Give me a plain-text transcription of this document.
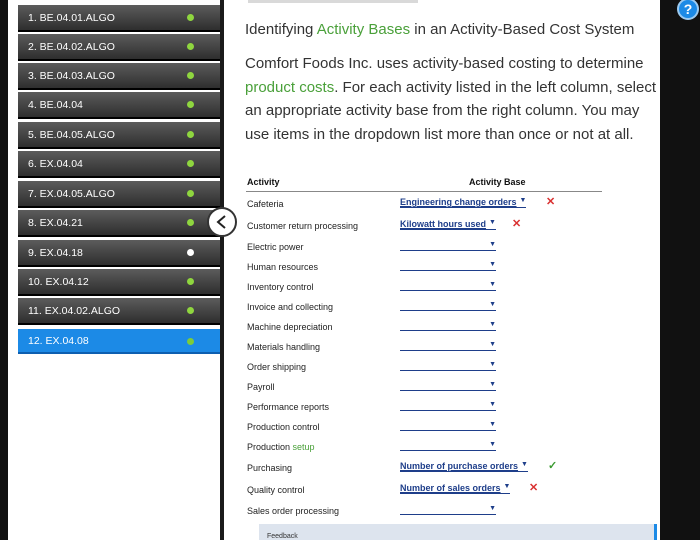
1. BE.04.01.ALGO
2. BE.04.02.ALGO
3. BE.04.03.ALGO
4. BE.04.04
5. BE.04.05.ALGO
6. EX.04.04
7. EX.04.05.ALGO
8. EX.04.21
9. EX.04.18
10. EX.04.12
11. EX.04.02.ALGO
12. EX.04.08
Identifying Activity Bases in an Activity-Based Cost System
Comfort Foods Inc. uses activity-based costing to determine product costs. For each activity listed in the left column, select an appropriate activity base from the right column. You may use items in the dropdown list more than once or not at all.
Activity	Activity Base
Cafeteria	Engineering change orders ▼ ✕
Customer return processing	Kilowatt hours used ▼ ✕
Electric power	▼
Human resources	▼
Inventory control	▼
Invoice and collecting	▼
Machine depreciation	▼
Materials handling	▼
Order shipping	▼
Payroll	▼
Performance reports	▼
Production control	▼
Production setup	▼
Purchasing	Number of purchase orders ▼ ✓
Quality control	Number of sales orders ▼ ✕
Sales order processing	▼
Feedback
?
